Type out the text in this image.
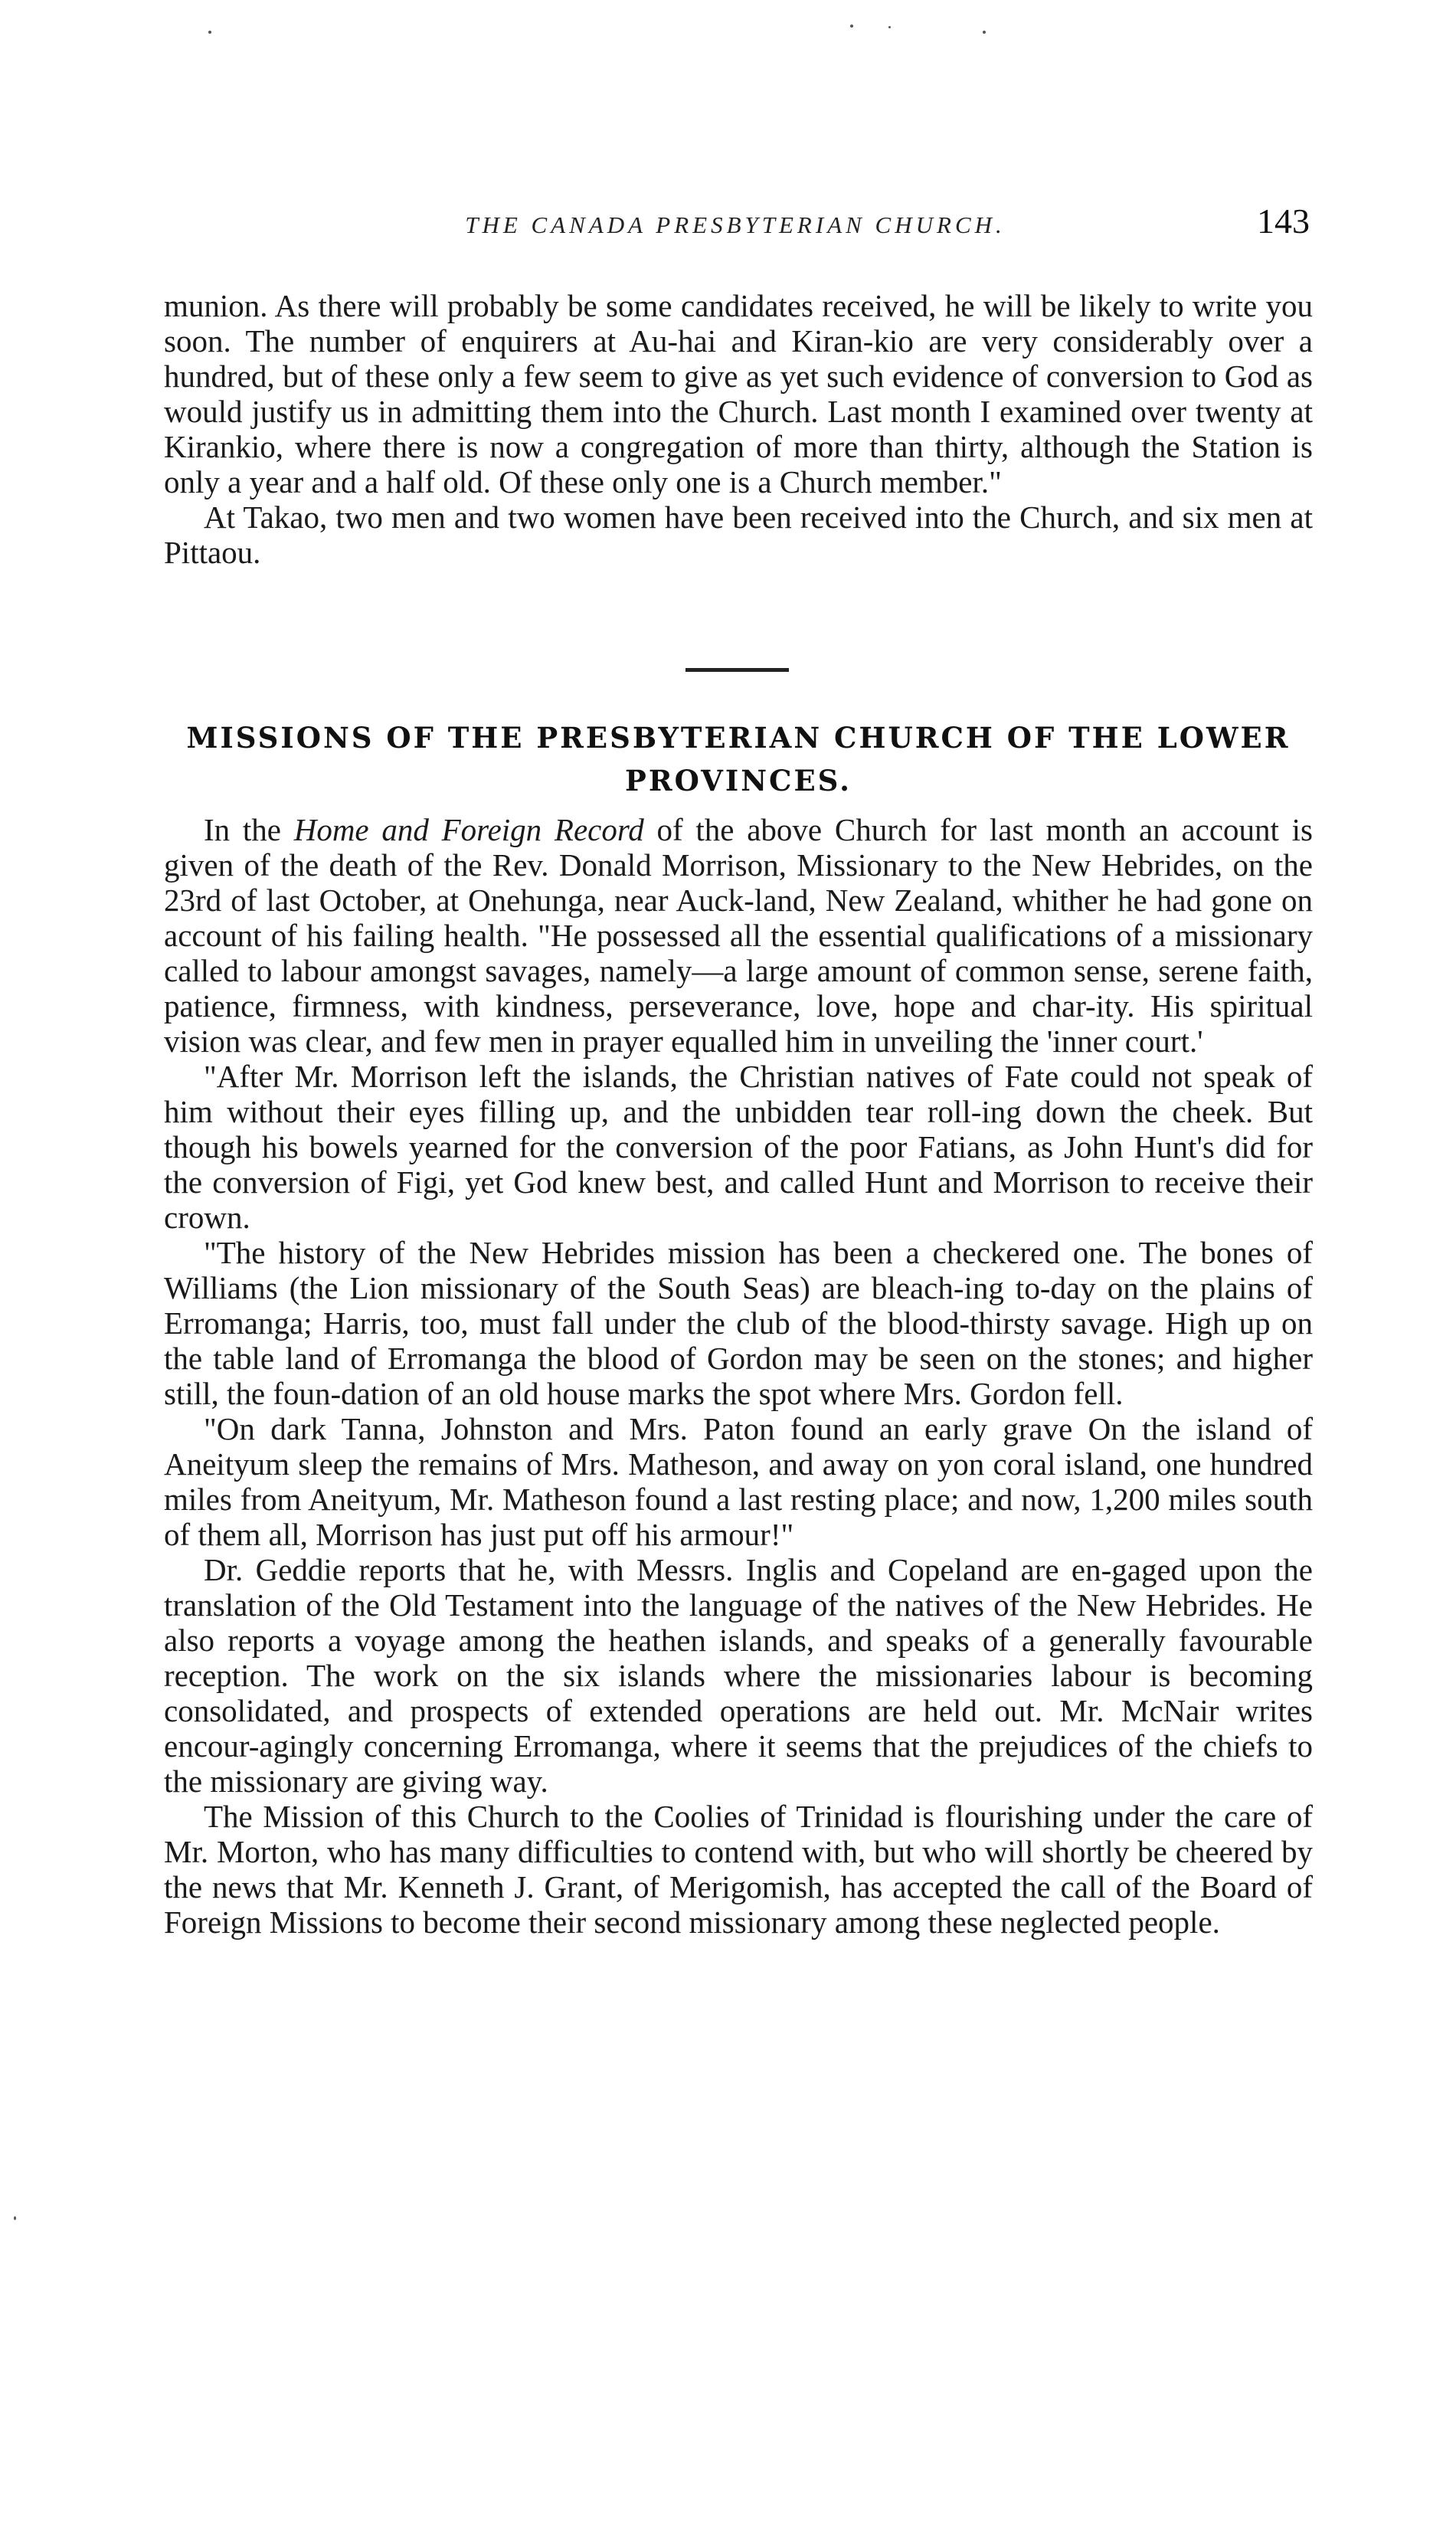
THE CANADA PRESBYTERIAN CHURCH.	143

munion. As there will probably be some candidates received, he will be likely to write you soon. The number of enquirers at Au-hai and Kiran-kio are very considerably over a hundred, but of these only a few seem to give as yet such evidence of conversion to God as would justify us in admitting them into the Church. Last month I examined over twenty at Kirankio, where there is now a congregation of more than thirty, although the Station is only a year and a half old. Of these only one is a Church member."

At Takao, two men and two women have been received into the Church, and six men at Pittaou.

MISSIONS OF THE PRESBYTERIAN CHURCH OF THE LOWER PROVINCES.

In the Home and Foreign Record of the above Church for last month an account is given of the death of the Rev. Donald Morrison, Missionary to the New Hebrides, on the 23rd of last October, at Onehunga, near Auck-land, New Zealand, whither he had gone on account of his failing health. "He possessed all the essential qualifications of a missionary called to labour amongst savages, namely—a large amount of common sense, serene faith, patience, firmness, with kindness, perseverance, love, hope and char-ity. His spiritual vision was clear, and few men in prayer equalled him in unveiling the 'inner court.'

"After Mr. Morrison left the islands, the Christian natives of Fate could not speak of him without their eyes filling up, and the unbidden tear roll-ing down the cheek. But though his bowels yearned for the conversion of the poor Fatians, as John Hunt's did for the conversion of Figi, yet God knew best, and called Hunt and Morrison to receive their crown.

"The history of the New Hebrides mission has been a checkered one. The bones of Williams (the Lion missionary of the South Seas) are bleach-ing to-day on the plains of Erromanga; Harris, too, must fall under the club of the blood-thirsty savage. High up on the table land of Erromanga the blood of Gordon may be seen on the stones; and higher still, the foun-dation of an old house marks the spot where Mrs. Gordon fell.

"On dark Tanna, Johnston and Mrs. Paton found an early grave On the island of Aneityum sleep the remains of Mrs. Matheson, and away on yon coral island, one hundred miles from Aneityum, Mr. Matheson found a last resting place; and now, 1,200 miles south of them all, Morrison has just put off his armour!"

Dr. Geddie reports that he, with Messrs. Inglis and Copeland are en-gaged upon the translation of the Old Testament into the language of the natives of the New Hebrides. He also reports a voyage among the heathen islands, and speaks of a generally favourable reception. The work on the six islands where the missionaries labour is becoming consolidated, and prospects of extended operations are held out. Mr. McNair writes encour-agingly concerning Erromanga, where it seems that the prejudices of the chiefs to the missionary are giving way.

The Mission of this Church to the Coolies of Trinidad is flourishing under the care of Mr. Morton, who has many difficulties to contend with, but who will shortly be cheered by the news that Mr. Kenneth J. Grant, of Merigomish, has accepted the call of the Board of Foreign Missions to become their second missionary among these neglected people.
